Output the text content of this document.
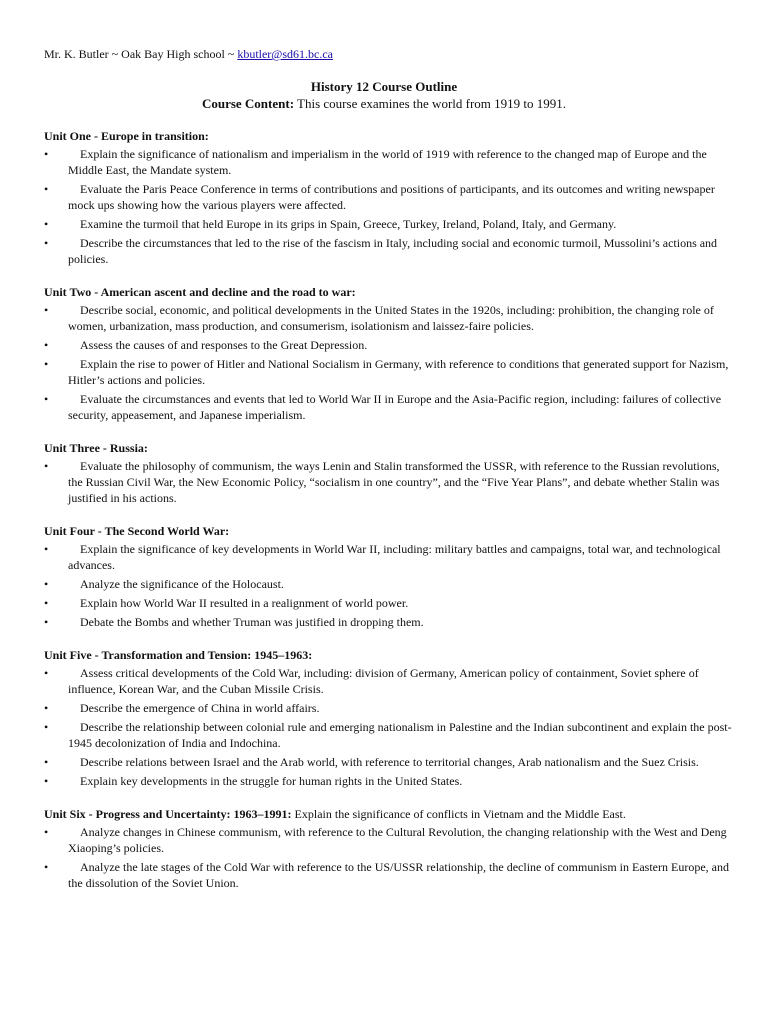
Mr. K. Butler ~ Oak Bay High school ~ kbutler@sd61.bc.ca
History 12 Course Outline
Course Content: This course examines the world from 1919 to 1991.
Unit One - Europe in transition:
•	Explain the significance of nationalism and imperialism in the world of 1919 with reference to the changed map of Europe and the Middle East, the Mandate system.
•	Evaluate the Paris Peace Conference in terms of contributions and positions of participants, and its outcomes and writing newspaper mock ups showing how the various players were affected.
•	Examine the turmoil that held Europe in its grips in Spain, Greece, Turkey, Ireland, Poland, Italy, and Germany.
•	Describe the circumstances that led to the rise of the fascism in Italy, including social and economic turmoil, Mussolini’s actions and policies.
Unit Two - American ascent and decline and the road to war:
•	Describe social, economic, and political developments in the United States in the 1920s, including: prohibition, the changing role of women, urbanization, mass production, and consumerism, isolationism and laissez-faire policies.
•	Assess the causes of and responses to the Great Depression.
•	Explain the rise to power of Hitler and National Socialism in Germany, with reference to conditions that generated support for Nazism, Hitler’s actions and policies.
•	Evaluate the circumstances and events that led to World War II in Europe and the Asia-Pacific region, including: failures of collective security, appeasement, and Japanese imperialism.
Unit Three - Russia:
•	Evaluate the philosophy of communism, the ways Lenin and Stalin transformed the USSR, with reference to the Russian revolutions, the Russian Civil War, the New Economic Policy, “socialism in one country”, and the “Five Year Plans”, and debate whether Stalin was justified in his actions.
Unit Four - The Second World War:
•	Explain the significance of key developments in World War II, including: military battles and campaigns, total war, and technological advances.
•	Analyze the significance of the Holocaust.
•	Explain how World War II resulted in a realignment of world power.
•	Debate the Bombs and whether Truman was justified in dropping them.
Unit Five - Transformation and Tension: 1945–1963:
•	Assess critical developments of the Cold War, including: division of Germany, American policy of containment, Soviet sphere of influence, Korean War, and the Cuban Missile Crisis.
•	Describe the emergence of China in world affairs.
•	Describe the relationship between colonial rule and emerging nationalism in Palestine and the Indian subcontinent and explain the post-1945 decolonization of India and Indochina.
•	Describe relations between Israel and the Arab world, with reference to territorial changes, Arab nationalism and the Suez Crisis.
•	Explain key developments in the struggle for human rights in the United States.
Unit Six - Progress and Uncertainty: 1963–1991: Explain the significance of conflicts in Vietnam and the Middle East.
•	Analyze changes in Chinese communism, with reference to the Cultural Revolution, the changing relationship with the West and Deng Xiaoping’s policies.
•	Analyze the late stages of the Cold War with reference to the US/USSR relationship, the decline of communism in Eastern Europe, and the dissolution of the Soviet Union.
